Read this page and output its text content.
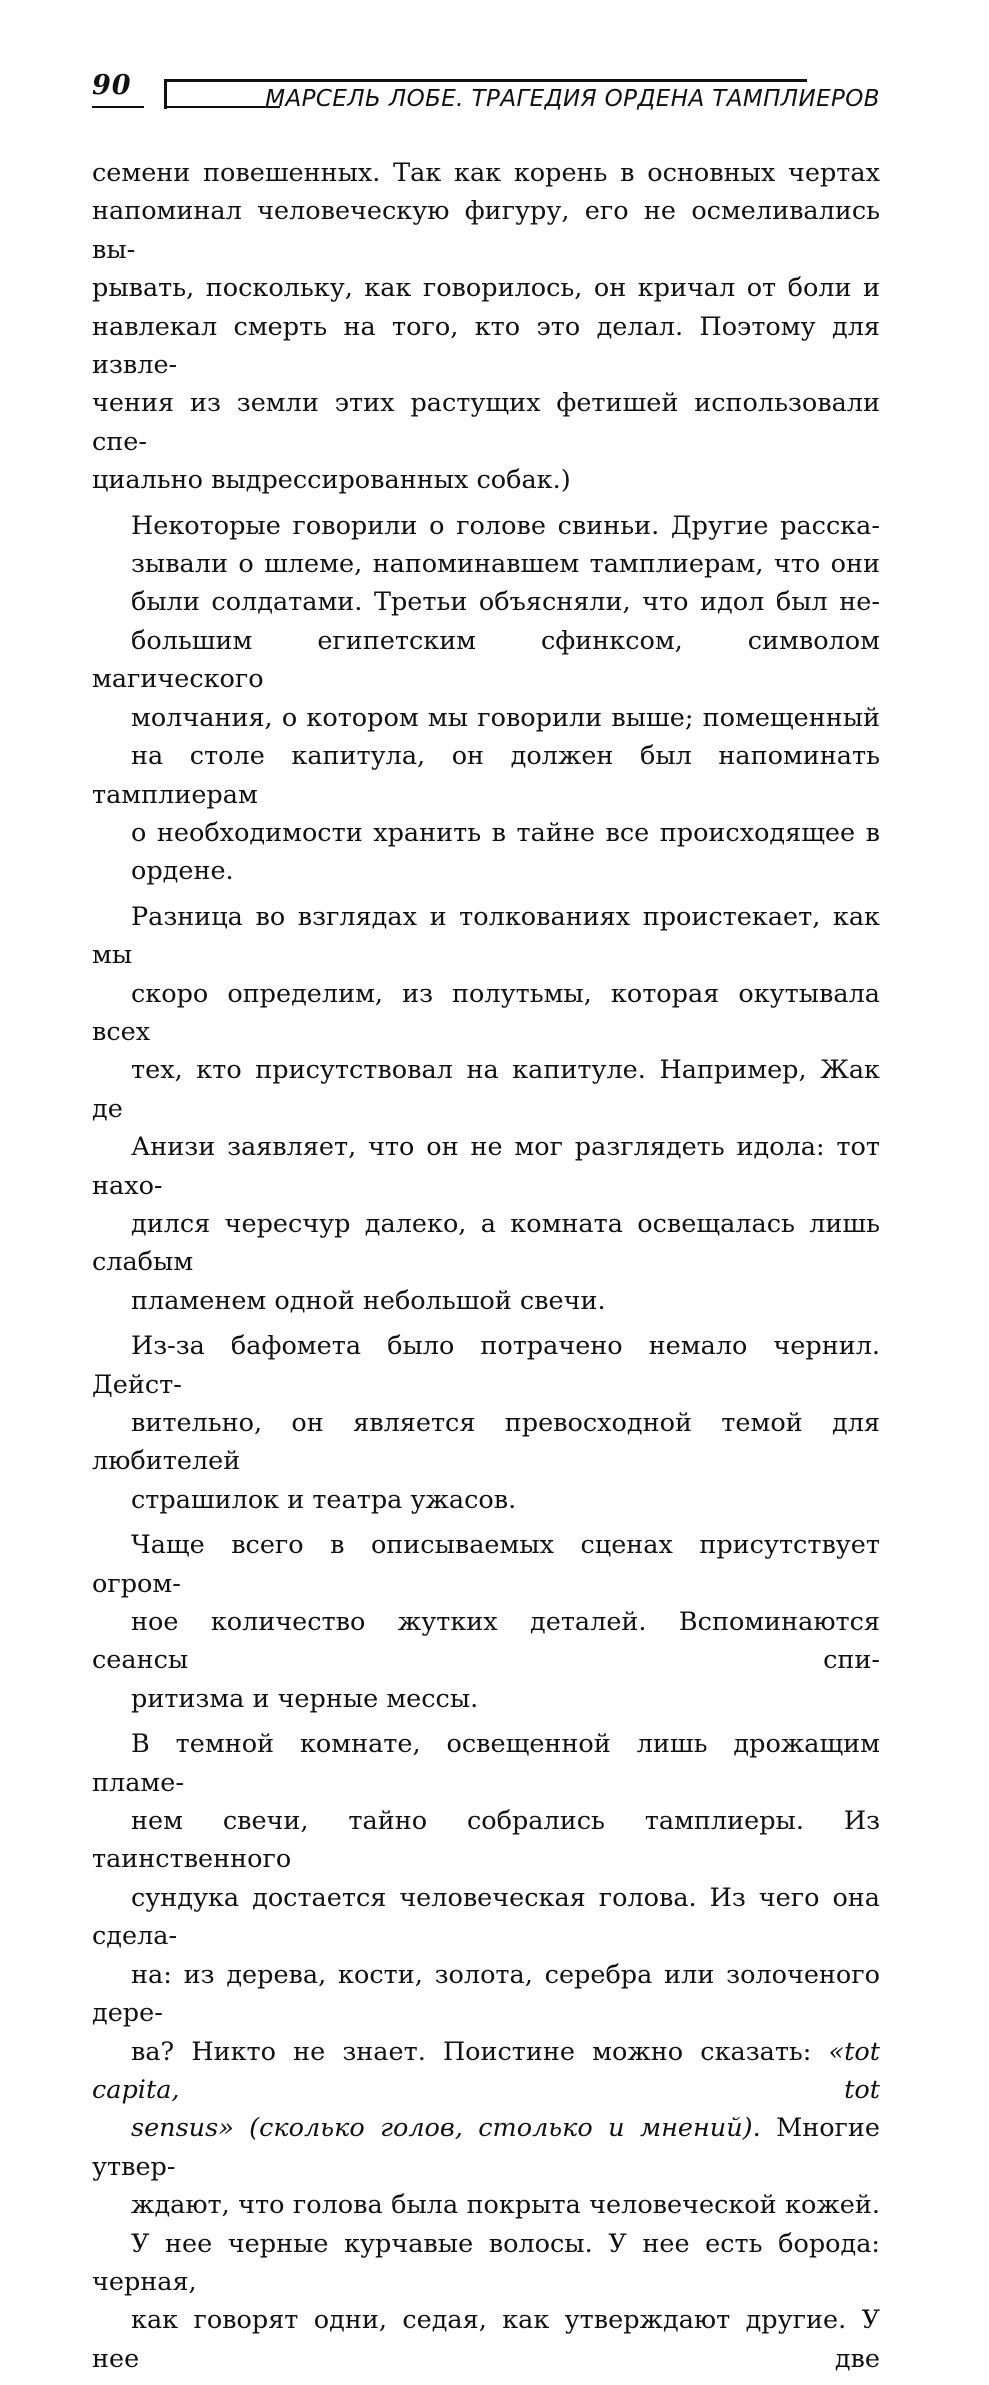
90	МАРСЕЛЬ ЛОБЕ. ТРАГЕДИЯ ОРДЕНА ТАМПЛИЕРОВ
семени повешенных. Так как корень в основных чертах
напоминал человеческую фигуру, его не осмеливались вы-
рывать, поскольку, как говорилось, он кричал от боли и
навлекал смерть на того, кто это делал. Поэтому для извле-
чения из земли этих растущих фетишей использовали спе-
циально выдрессированных собак.)
Некоторые говорили о голове свиньи. Другие расска-
зывали о шлеме, напоминавшем тамплиерам, что они
были солдатами. Третьи объясняли, что идол был не-
большим египетским сфинксом, символом магического
молчания, о котором мы говорили выше; помещенный
на столе капитула, он должен был напоминать тамплиерам
о необходимости хранить в тайне все происходящее в
ордене.
Разница во взглядах и толкованиях проистекает, как мы
скоро определим, из полутьмы, которая окутывала всех
тех, кто присутствовал на капитуле. Например, Жак де
Анизи заявляет, что он не мог разглядеть идола: тот нахо-
дился чересчур далеко, а комната освещалась лишь слабым
пламенем одной небольшой свечи.
Из-за бафомета было потрачено немало чернил. Дейст-
вительно, он является превосходной темой для любителей
страшилок и театра ужасов.
Чаще всего в описываемых сценах присутствует огром-
ное количество жутких деталей. Вспоминаются сеансы спи-
ритизма и черные мессы.
В темной комнате, освещенной лишь дрожащим пламе-
нем свечи, тайно собрались тамплиеры. Из таинственного
сундука достается человеческая голова. Из чего она сдела-
на: из дерева, кости, золота, серебра или золоченого дере-
ва? Никто не знает. Поистине можно сказать: «tot capita, tot
sensus» (сколько голов, столько и мнений). Многие утвер-
ждают, что голова была покрыта человеческой кожей.
У нее черные курчавые волосы. У нее есть борода: черная,
как говорят одни, седая, как утверждают другие. У нее две
